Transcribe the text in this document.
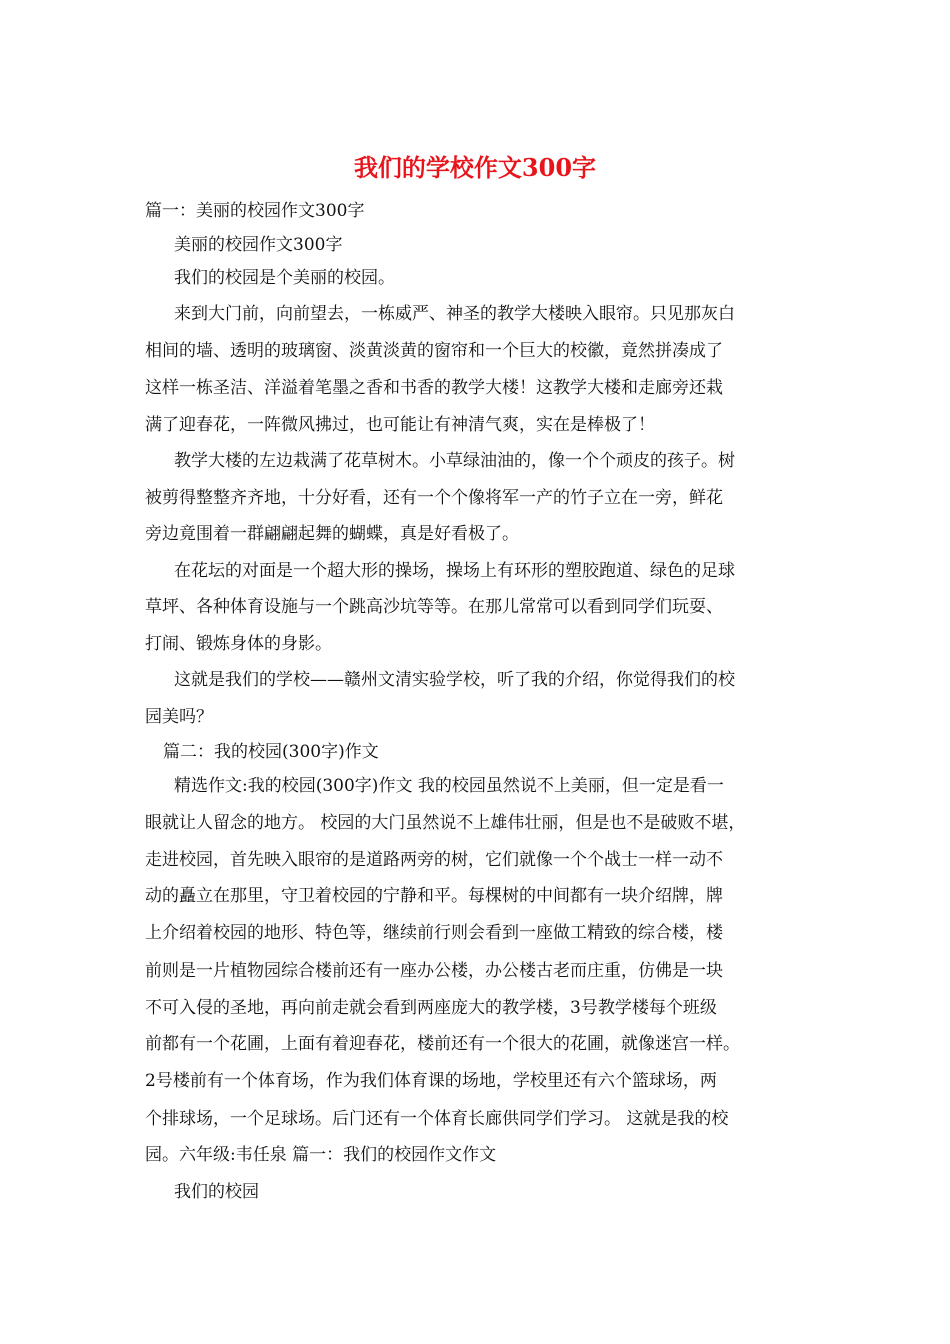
我们的学校作文300字
篇一：美丽的校园作文300字
美丽的校园作文300字
我们的校园是个美丽的校园。
来到大门前，向前望去，一栋威严、神圣的教学大楼映入眼帘。只见那灰白
相间的墙、透明的玻璃窗、淡黄淡黄的窗帘和一个巨大的校徽，竟然拼凑成了
这样一栋圣洁、洋溢着笔墨之香和书香的教学大楼！这教学大楼和走廊旁还栽
满了迎春花，一阵微风拂过，也可能让有神清气爽，实在是棒极了！
教学大楼的左边栽满了花草树木。小草绿油油的，像一个个顽皮的孩子。树
被剪得整整齐齐地，十分好看，还有一个个像将军一产的竹子立在一旁，鲜花
旁边竟围着一群翩翩起舞的蝴蝶，真是好看极了。
在花坛的对面是一个超大形的操场，操场上有环形的塑胶跑道、绿色的足球
草坪、各种体育设施与一个跳高沙坑等等。在那儿常常可以看到同学们玩耍、
打闹、锻炼身体的身影。
这就是我们的学校——赣州文清实验学校，听了我的介绍，你觉得我们的校
园美吗？
篇二：我的校园(300字)作文
精选作文:我的校园(300字)作文 我的校园虽然说不上美丽，但一定是看一
眼就让人留念的地方。 校园的大门虽然说不上雄伟壮丽，但是也不是破败不堪，
走进校园，首先映入眼帘的是道路两旁的树，它们就像一个个战士一样一动不
动的矗立在那里，守卫着校园的宁静和平。每棵树的中间都有一块介绍牌，牌
上介绍着校园的地形、特色等，继续前行则会看到一座做工精致的综合楼，楼
前则是一片植物园综合楼前还有一座办公楼，办公楼古老而庄重，仿佛是一块
不可入侵的圣地，再向前走就会看到两座庞大的教学楼，3号教学楼每个班级
前都有一个花圃，上面有着迎春花，楼前还有一个很大的花圃，就像迷宫一样。
2号楼前有一个体育场，作为我们体育课的场地，学校里还有六个篮球场，两
个排球场，一个足球场。后门还有一个体育长廊供同学们学习。 这就是我的校
园。六年级:韦任泉 篇一：我们的校园作文作文
我们的校园
